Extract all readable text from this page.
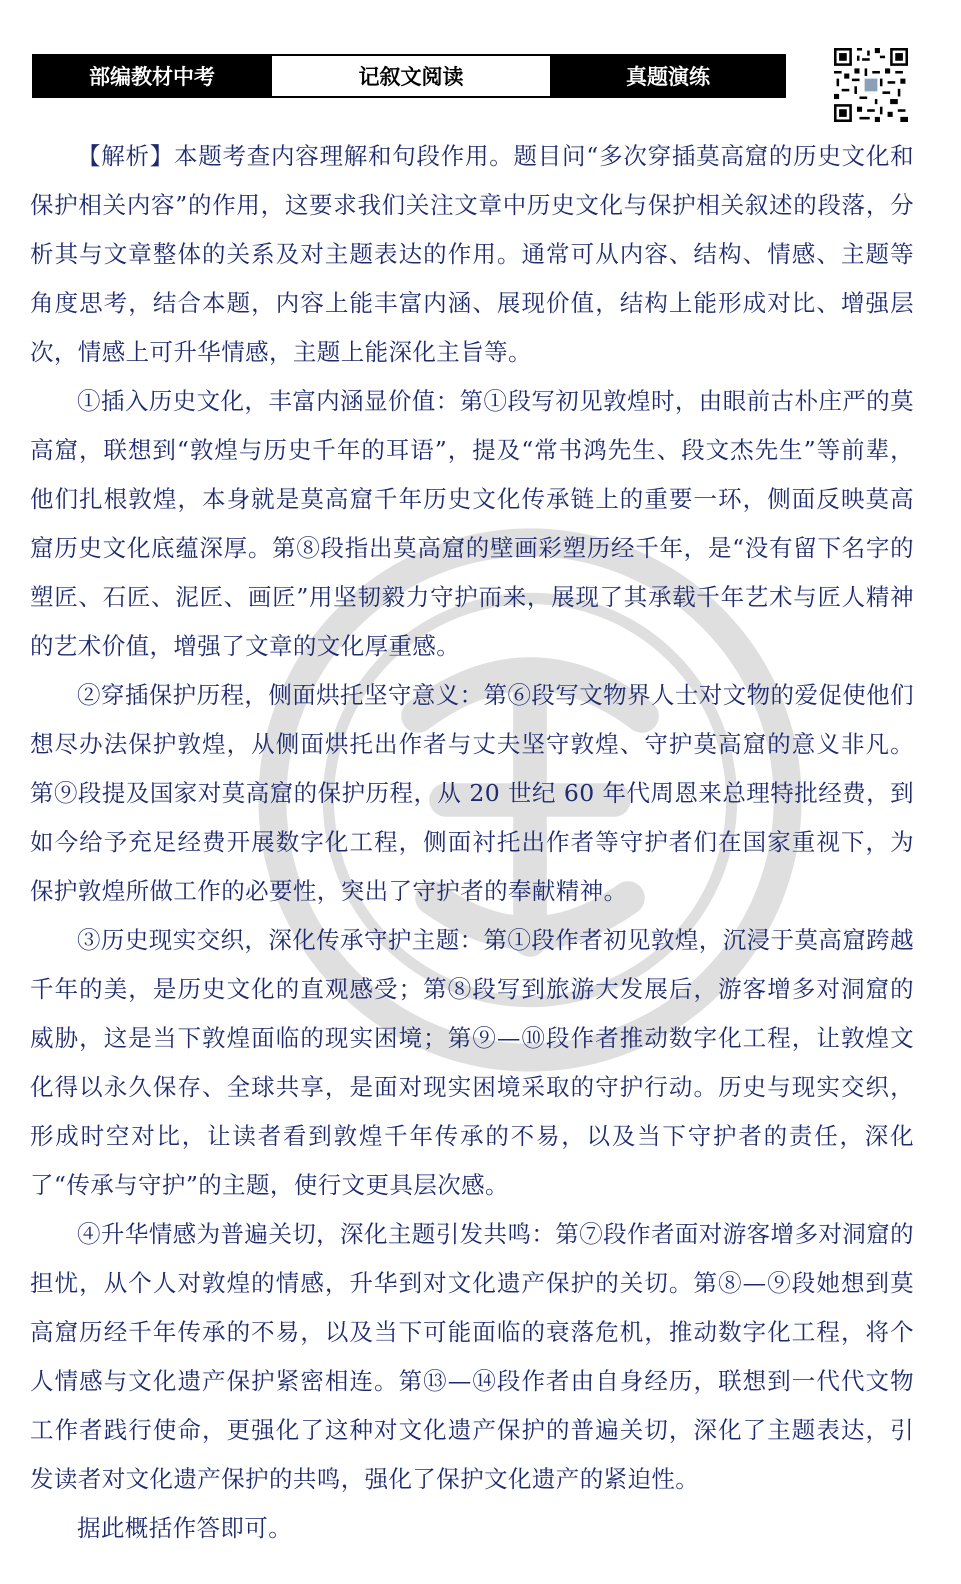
部编教材中考	记叙文阅读	真题演练

【解析】本题考查内容理解和句段作用。题目问“多次穿插莫高窟的历史文化和保护相关内容”的作用，这要求我们关注文章中历史文化与保护相关叙述的段落，分析其与文章整体的关系及对主题表达的作用。通常可从内容、结构、情感、主题等角度思考，结合本题，内容上能丰富内涵、展现价值，结构上能形成对比、增强层次，情感上可升华情感，主题上能深化主旨等。

①插入历史文化，丰富内涵显价值：第①段写初见敦煌时，由眼前古朴庄严的莫高窟，联想到“敦煌与历史千年的耳语”，提及“常书鸿先生、段文杰先生”等前辈，他们扎根敦煌，本身就是莫高窟千年历史文化传承链上的重要一环，侧面反映莫高窟历史文化底蕴深厚。第⑧段指出莫高窟的壁画彩塑历经千年，是“没有留下名字的塑匠、石匠、泥匠、画匠”用坚韧毅力守护而来，展现了其承载千年艺术与匠人精神的艺术价值，增强了文章的文化厚重感。

②穿插保护历程，侧面烘托坚守意义：第⑥段写文物界人士对文物的爱促使他们想尽办法保护敦煌，从侧面烘托出作者与丈夫坚守敦煌、守护莫高窟的意义非凡。第⑨段提及国家对莫高窟的保护历程，从 20 世纪 60 年代周恩来总理特批经费，到如今给予充足经费开展数字化工程，侧面衬托出作者等守护者们在国家重视下，为保护敦煌所做工作的必要性，突出了守护者的奉献精神。

③历史现实交织，深化传承守护主题：第①段作者初见敦煌，沉浸于莫高窟跨越千年的美，是历史文化的直观感受；第⑧段写到旅游大发展后，游客增多对洞窟的威胁，这是当下敦煌面临的现实困境；第⑨—⑩段作者推动数字化工程，让敦煌文化得以永久保存、全球共享，是面对现实困境采取的守护行动。历史与现实交织，形成时空对比，让读者看到敦煌千年传承的不易，以及当下守护者的责任，深化了“传承与守护”的主题，使行文更具层次感。

④升华情感为普遍关切，深化主题引发共鸣：第⑦段作者面对游客增多对洞窟的担忧，从个人对敦煌的情感，升华到对文化遗产保护的关切。第⑧—⑨段她想到莫高窟历经千年传承的不易，以及当下可能面临的衰落危机，推动数字化工程，将个人情感与文化遗产保护紧密相连。第⑬—⑭段作者由自身经历，联想到一代代文物工作者践行使命，更强化了这种对文化遗产保护的普遍关切，深化了主题表达，引发读者对文化遗产保护的共鸣，强化了保护文化遗产的紧迫性。

据此概括作答即可。
